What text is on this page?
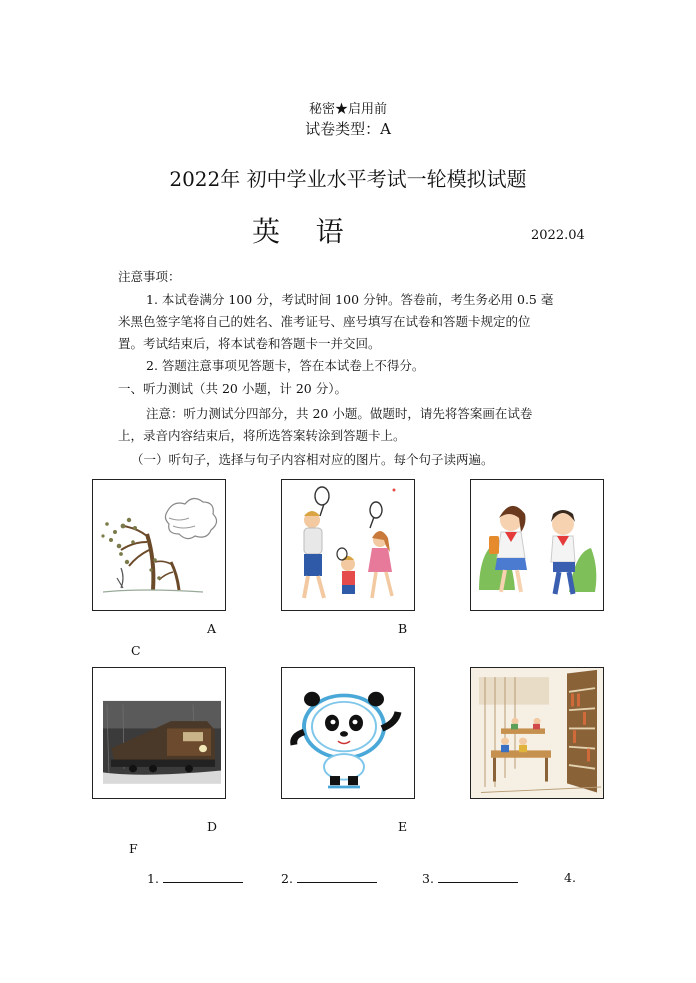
秘密★启用前
试卷类型：A
2022年 初中学业水平考试一轮模拟试题
英    语	2022.04
注意事项：
1. 本试卷满分 100 分，考试时间 100 分钟。答卷前，考生务必用 0.5 毫
米黑色签字笔将自己的姓名、准考证号、座号填写在试卷和答题卡规定的位
置。考试结束后，将本试卷和答题卡一并交回。
2. 答题注意事项见答题卡，答在本试卷上不得分。
一、听力测试（共 20 小题，计 20 分）。
注意：听力测试分四部分，共 20 小题。做题时，请先将答案画在试卷
上，录音内容结束后，将所选答案转涂到答题卡上。
（一）听句子，选择与句子内容相对应的图片。每个句子读两遍。
A	B
C
D	E
F
1.	2.	3.	4.
